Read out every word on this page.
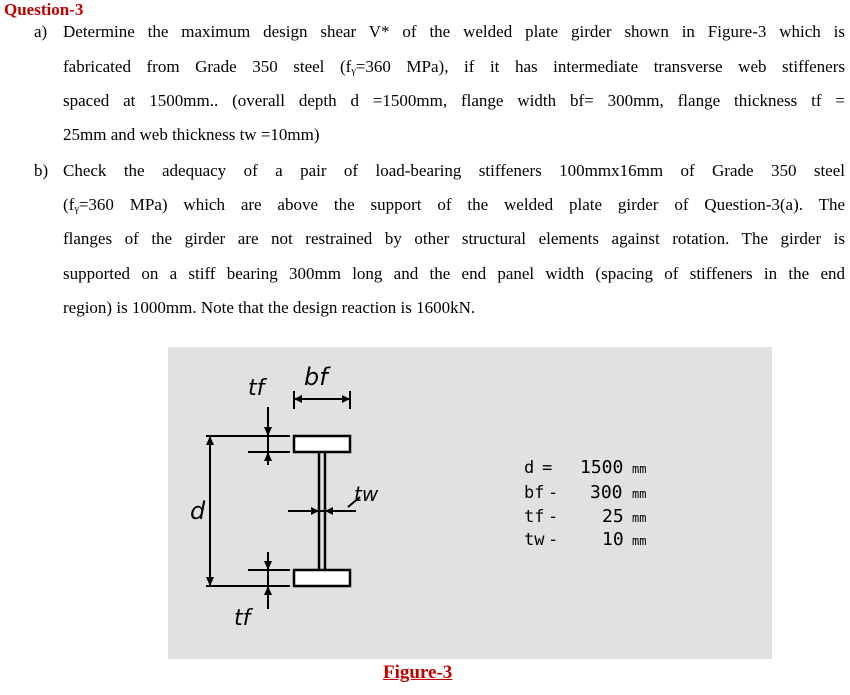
Question-3
a) Determine the maximum design shear V* of the welded plate girder shown in Figure-3 which is
fabricated from Grade 350 steel (fᵧ=360 MPa), if it has intermediate transverse web stiffeners
spaced at 1500mm.. (overall depth d =1500mm, flange width bf= 300mm, flange thickness tf =
25mm and web thickness tw =10mm)
b) Check the adequacy of a pair of load-bearing stiffeners 100mmx16mm of Grade 350 steel
(fᵧ=360 MPa) which are above the support of the welded plate girder of Question-3(a). The
flanges of the girder are not restrained by other structural elements against rotation. The girder is
supported on a stiff bearing 300mm long and the end panel width (spacing of stiffeners in the end
region) is 1000mm. Note that the design reaction is 1600kN.
bf
tf
d
tw
tf
d = 1500 mm
bf - 300 mm
tf - 25 mm
tw - 10 mm
Figure-3
